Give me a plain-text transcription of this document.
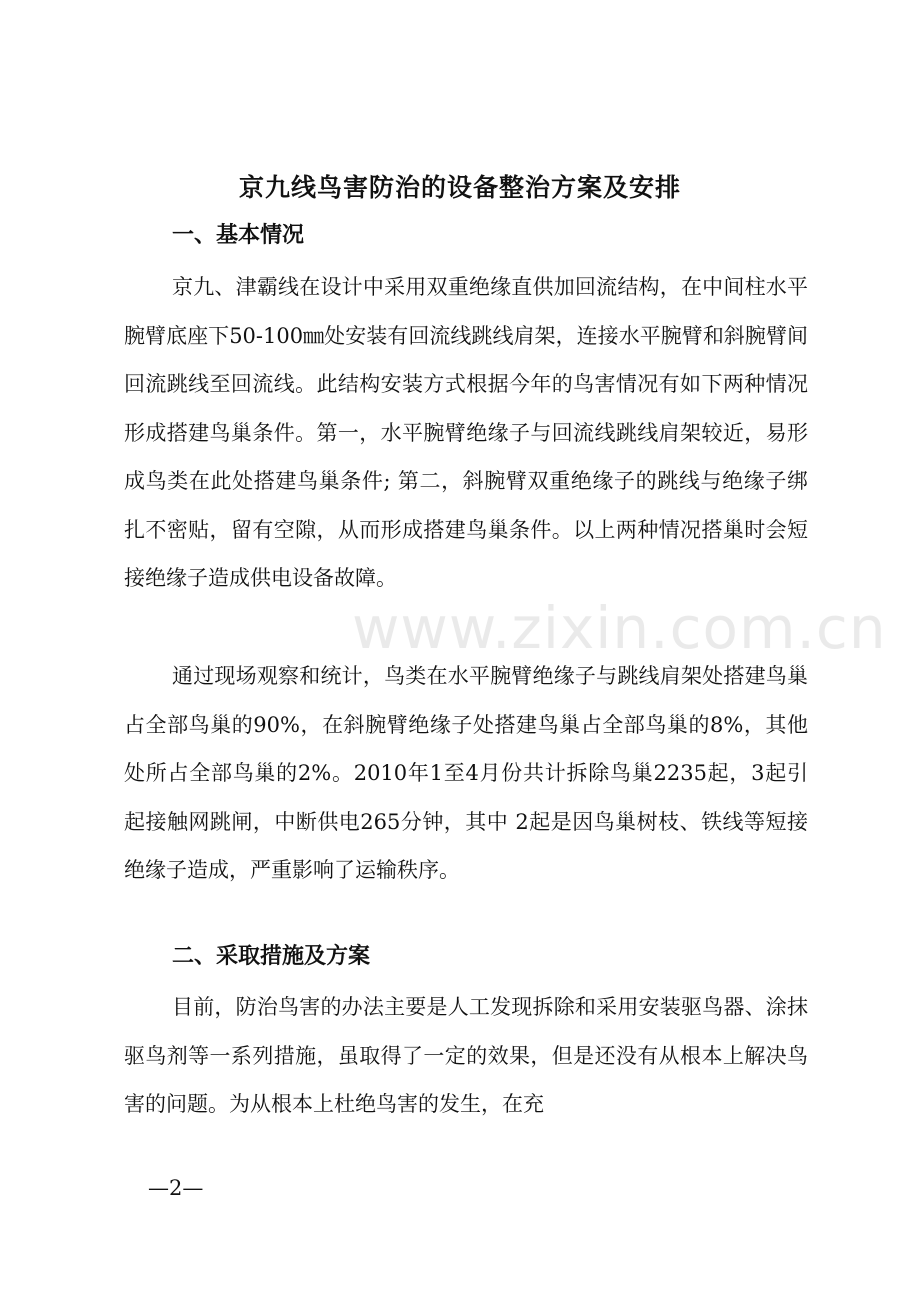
京九线鸟害防治的设备整治方案及安排
一、基本情况

京九、津霸线在设计中采用双重绝缘直供加回流结构，在中间柱水平腕臂底座下50-100㎜处安装有回流线跳线肩架，连接水平腕臂和斜腕臂间回流跳线至回流线。此结构安装方式根据今年的鸟害情况有如下两种情况形成搭建鸟巢条件。第一，水平腕臂绝缘子与回流线跳线肩架较近，易形成鸟类在此处搭建鸟巢条件; 第二，斜腕臂双重绝缘子的跳线与绝缘子绑扎不密贴，留有空隙，从而形成搭建鸟巢条件。以上两种情况搭巢时会短接绝缘子造成供电设备故障。

通过现场观察和统计，鸟类在水平腕臂绝缘子与跳线肩架处搭建鸟巢占全部鸟巢的90%，在斜腕臂绝缘子处搭建鸟巢占全部鸟巢的8%，其他处所占全部鸟巢的2%。2010年1至4月份共计拆除鸟巢2235起，3起引起接触网跳闸，中断供电265分钟，其中 2起是因鸟巢树枝、铁线等短接绝缘子造成，严重影响了运输秩序。

二、采取措施及方案

目前，防治鸟害的办法主要是人工发现拆除和采用安装驱鸟器、涂抹驱鸟剂等一系列措施，虽取得了一定的效果，但是还没有从根本上解决鸟害的问题。为从根本上杜绝鸟害的发生，在充

www.zixin.com.cn
—2—
